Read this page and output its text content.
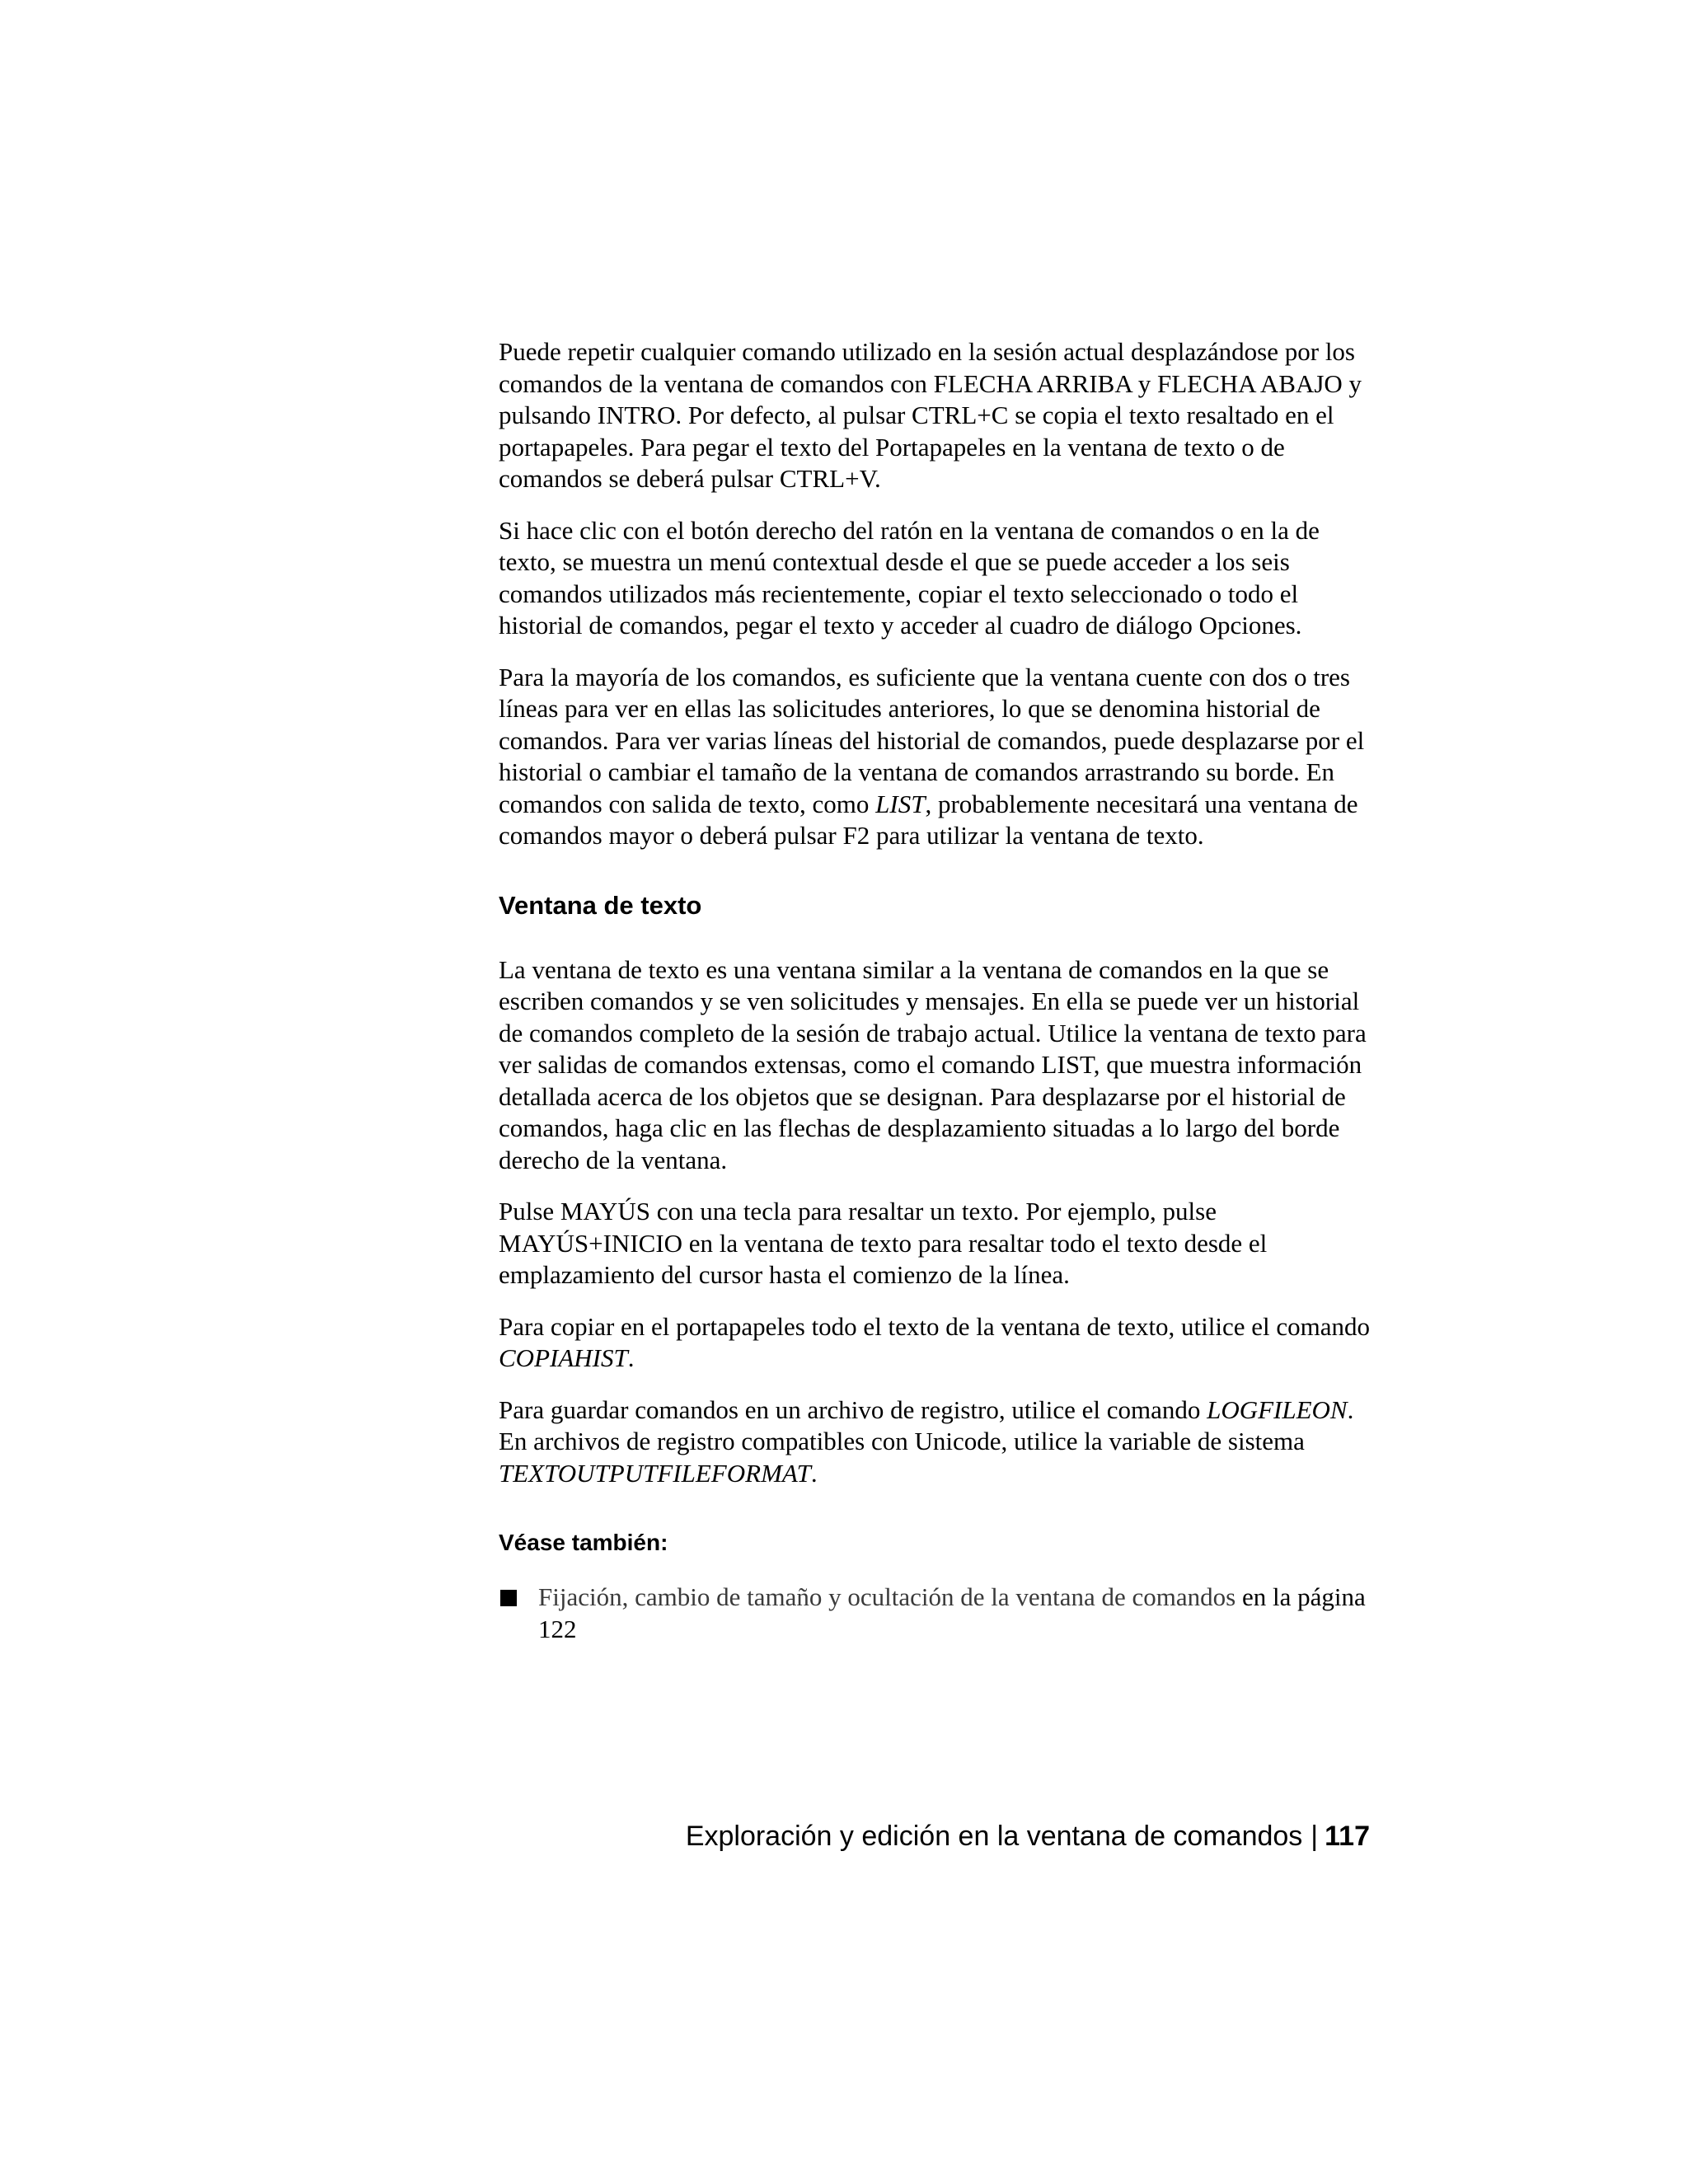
Puede repetir cualquier comando utilizado en la sesión actual desplazándose por los comandos de la ventana de comandos con FLECHA ARRIBA y FLECHA ABAJO y pulsando INTRO. Por defecto, al pulsar CTRL+C se copia el texto resaltado en el portapapeles. Para pegar el texto del Portapapeles en la ventana de texto o de comandos se deberá pulsar CTRL+V.

Si hace clic con el botón derecho del ratón en la ventana de comandos o en la de texto, se muestra un menú contextual desde el que se puede acceder a los seis comandos utilizados más recientemente, copiar el texto seleccionado o todo el historial de comandos, pegar el texto y acceder al cuadro de diálogo Opciones.

Para la mayoría de los comandos, es suficiente que la ventana cuente con dos o tres líneas para ver en ellas las solicitudes anteriores, lo que se denomina historial de comandos. Para ver varias líneas del historial de comandos, puede desplazarse por el historial o cambiar el tamaño de la ventana de comandos arrastrando su borde. En comandos con salida de texto, como LIST, probablemente necesitará una ventana de comandos mayor o deberá pulsar F2 para utilizar la ventana de texto.

Ventana de texto

La ventana de texto es una ventana similar a la ventana de comandos en la que se escriben comandos y se ven solicitudes y mensajes. En ella se puede ver un historial de comandos completo de la sesión de trabajo actual. Utilice la ventana de texto para ver salidas de comandos extensas, como el comando LIST, que muestra información detallada acerca de los objetos que se designan. Para desplazarse por el historial de comandos, haga clic en las flechas de desplazamiento situadas a lo largo del borde derecho de la ventana.

Pulse MAYÚS con una tecla para resaltar un texto. Por ejemplo, pulse MAYÚS+INICIO en la ventana de texto para resaltar todo el texto desde el emplazamiento del cursor hasta el comienzo de la línea.

Para copiar en el portapapeles todo el texto de la ventana de texto, utilice el comando COPIAHIST.

Para guardar comandos en un archivo de registro, utilice el comando LOGFILEON. En archivos de registro compatibles con Unicode, utilice la variable de sistema TEXTOUTPUTFILEFORMAT.

Véase también:
Fijación, cambio de tamaño y ocultación de la ventana de comandos en la página 122
Exploración y edición en la ventana de comandos | 117
